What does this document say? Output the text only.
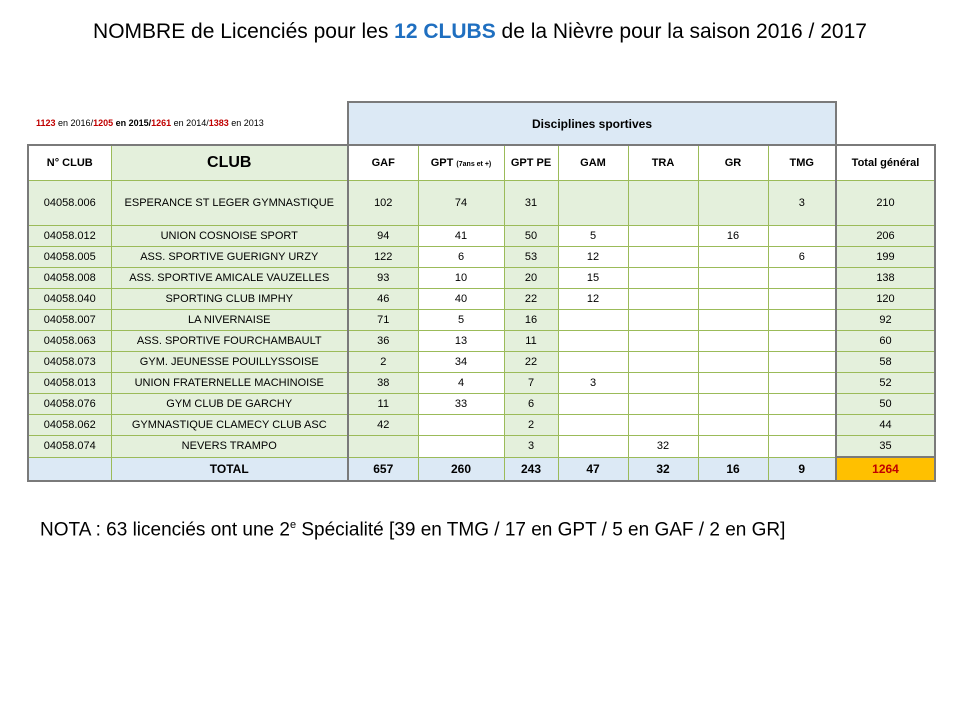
NOMBRE de Licenciés pour les 12 CLUBS de la Nièvre pour la saison 2016 / 2017
1123 en 2016/1205 en 2015/1261 en 2014/1383 en 2013		Disciplines sportives							
N° CLUB	CLUB	GAF	GPT (7ans et +)	GPT PE	GAM	TRA	GR	TMG	Total général
04058.006	ESPERANCE ST LEGER GYMNASTIQUE	102	74	31				3	210
04058.012	UNION COSNOISE SPORT	94	41	50	5		16		206
04058.005	ASS. SPORTIVE GUERIGNY URZY	122	6	53	12			6	199
04058.008	ASS. SPORTIVE AMICALE VAUZELLES	93	10	20	15				138
04058.040	SPORTING CLUB IMPHY	46	40	22	12				120
04058.007	LA NIVERNAISE	71	5	16					92
04058.063	ASS. SPORTIVE FOURCHAMBAULT	36	13	11					60
04058.073	GYM. JEUNESSE POUILLYSSOISE	2	34	22					58
04058.013	UNION FRATERNELLE MACHINOISE	38	4	7	3				52
04058.076	GYM CLUB DE GARCHY	11	33	6					50
04058.062	GYMNASTIQUE CLAMECY CLUB ASC	42		2					44
04058.074	NEVERS TRAMPO			3		32			35
	TOTAL	657	260	243	47	32	16	9	1264
NOTA : 63 licenciés ont une 2e Spécialité [39 en TMG / 17 en GPT / 5 en GAF / 2 en GR]
